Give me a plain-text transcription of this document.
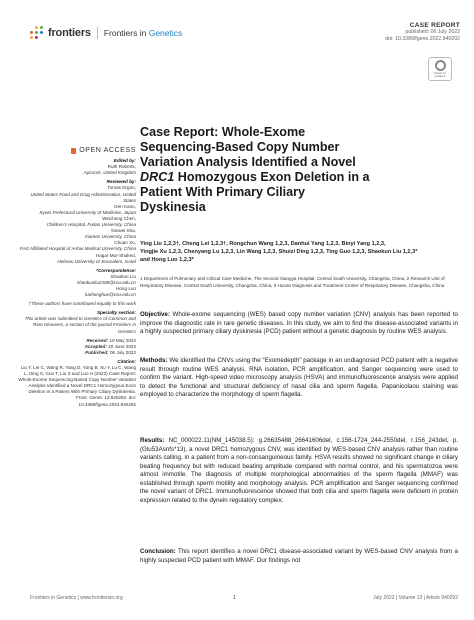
frontiers Frontiers in Genetics
CASE REPORT
published: 06 July 2022
doi: 10.3389/fgene.2022.940292
Check for updates
OPEN ACCESS
Edited by:
Ruth Roberts,
ApconiX, United Kingdom
Reviewed by:
Tomas Drgon,
United States Food and Drug Administration, United States
Gen Kano,
Kyoto Prefectural University of Medicine, Japan
Weicheng Chen,
Children's Hospital, Fudan University, China
Yanwei Sha,
Xiamen University, China
Chuan Xu,
First Affiliated Hospital of Anhui Medical University, China
Hagar Mor-Shaked,
Hebrew University of Jerusalem, Israel
*Correspondence:
Shaokun Liu
shaokunliu2208@csu.edu.cn
Hong Luo
luohonghue@csu.edu.cn
†These authors have contributed equally to this work
Specialty section:
This article was submitted to Genetics of Common and Rare Diseases, a section of the journal Frontiers in Genetics
Received: 10 May 2022
Accepted: 20 June 2022
Published: 06 July 2022
Citation:
Liu Y, Lei C, Wang R, Yang D, Yang B, Xu Y, Lu C, Wang L, Ding S, Guo T, Liu S and Luo H (2022) Case Report: Whole-Exome Sequencing-Based Copy Number Variation Analysis Identified a Novel DRC1 Homozygous Exon Deletion in a Patient With Primary Ciliary Dyskinesia. Front. Genet. 13:940292. doi: 10.3389/fgene.2022.940292
Case Report: Whole-Exome
Sequencing-Based Copy Number
Variation Analysis Identified a Novel
DRC1 Homozygous Exon Deletion in a
Patient With Primary Ciliary
Dyskinesia
Ying Liu 1,2,3†, Cheng Lei 1,2,3†, Rongchun Wang 1,2,3, Danhui Yang 1,2,3, Binyi Yang 1,2,3,
Yingjie Xu 1,2,3, Chenyang Lu 1,2,3, Lin Wang 1,2,3, Shuizi Ding 1,2,3, Ting Guo 1,2,3, Shaokun Liu 1,2,3*
and Hong Luo 1,2,3*
1 Department of Pulmonary and Critical Care Medicine, The Second Xiangya Hospital, Central South University, Changsha, China, 2 Research Unit of Respiratory Disease, Central South University, Changsha, China, 3 Hunan Diagnosis and Treatment Center of Respiratory Disease, Changsha, China
Objective: Whole-exome sequencing (WES) based copy number variation (CNV) analysis has been reported to improve the diagnostic rate in rare genetic diseases. In this study, we aim to find the disease-associated variants in a highly suspected primary ciliary dyskinesia (PCD) patient without a genetic diagnosis by routine WES analysis.
Methods: We identified the CNVs using the “Exomedepth” package in an undiagnosed PCD patient with a negative result through routine WES analysis. RNA isolation, PCR amplification, and Sanger sequencing were used to confirm the variant. High-speed video microscopy analysis (HSVA) and immunofluorescence analysis were applied to detect the functional and structural deficiency of nasal cilia and sperm flagella. Papanicolaou staining was employed to characterize the morphology of sperm flagella.
Results: NC_000022.11(NM_145038.5): g.26635488_26641606del, c.156-1724_244-2550del, r.156_243del, p. (Glu53Asnfs*13), a novel DRC1 homozygous CNV, was identified by WES-based CNV analysis rather than routine variants calling, in a patient from a non-consanguineous family. HSVA results showed no significant change in ciliary beating frequency but with reduced beating amplitude compared with normal control, and his spermatozoa were almost immotile. The diagnosis of multiple morphological abnormalities of the sperm flagella (MMAF) was established through sperm motility and morphology analysis. PCR amplification and Sanger sequencing confirmed the novel variant of DRC1. Immunofluorescence showed that both cilia and sperm flagella were deficient in protein expression related to the dynein regulatory complex.
Conclusion: This report identifies a novel DRC1 disease-associated variant by WES-based CNV analysis from a highly suspected PCD patient with MMAF. Our findings not
Frontiers in Genetics | www.frontiersin.org	1	July 2022 | Volume 13 | Article 940292
